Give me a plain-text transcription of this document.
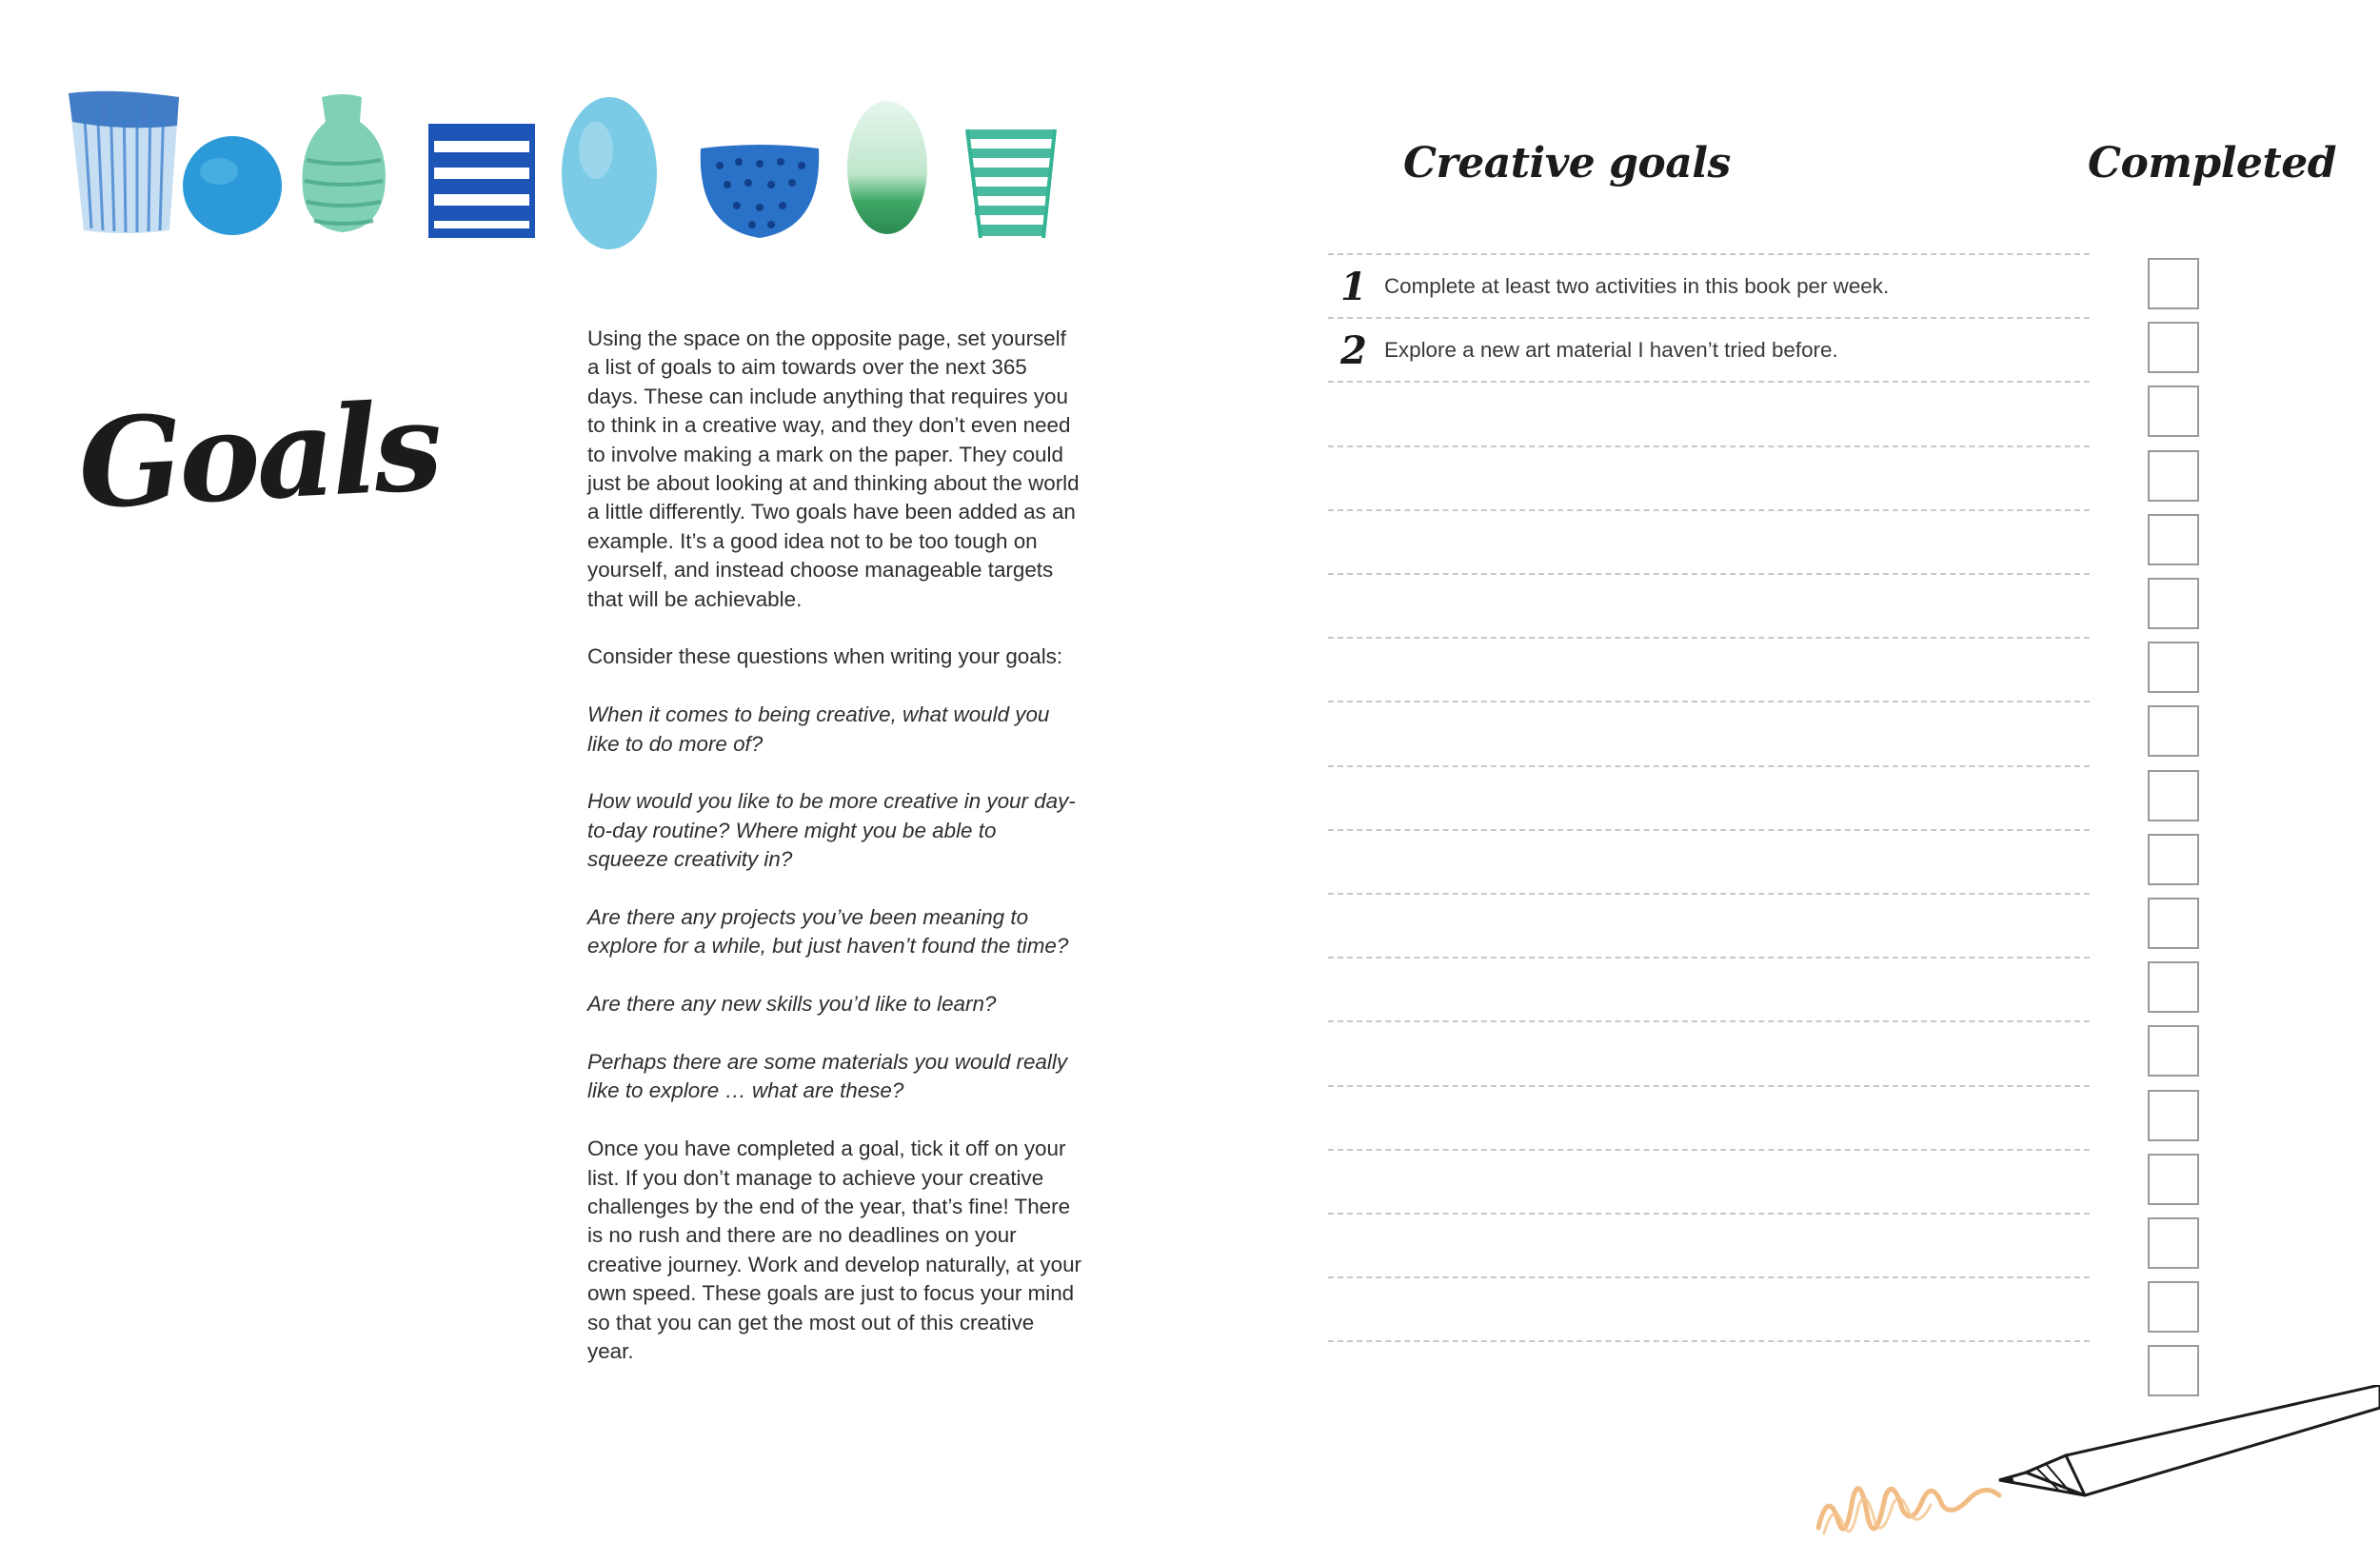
Goals

Using the space on the opposite page, set yourself a list of goals to aim towards over the next 365 days. These can include anything that requires you to think in a creative way, and they don’t even need to involve making a mark on the paper. They could just be about looking at and thinking about the world a little differently. Two goals have been added as an example. It’s a good idea not to be too tough on yourself, and instead choose manageable targets that will be achievable.

Consider these questions when writing your goals:

When it comes to being creative, what would you like to do more of?

How would you like to be more creative in your day-to-day routine? Where might you be able to squeeze creativity in?

Are there any projects you’ve been meaning to explore for a while, but just haven’t found the time?

Are there any new skills you’d like to learn?

Perhaps there are some materials you would really like to explore … what are these?

Once you have completed a goal, tick it off on your list. If you don’t manage to achieve your creative challenges by the end of the year, that’s fine! There is no rush and there are no deadlines on your creative journey. Work and develop naturally, at your own speed. These goals are just to focus your mind so that you can get the most out of this creative year.

Creative goals	Completed
1 Complete at least two activities in this book per week.
2 Explore a new art material I haven’t tried before.
